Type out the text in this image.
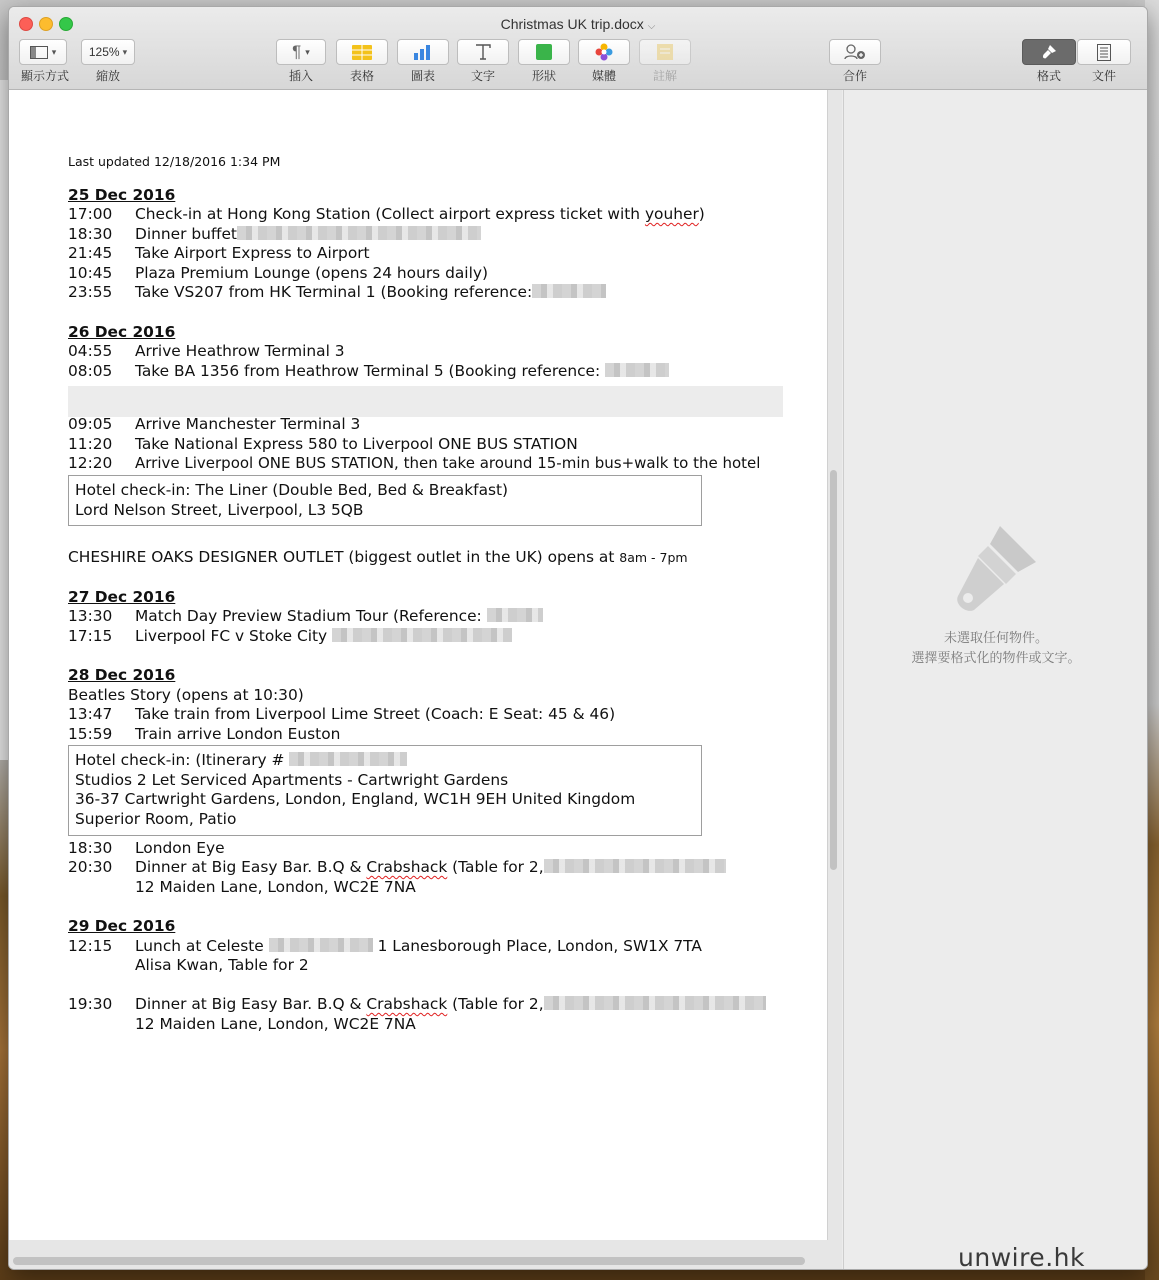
Christmas UK trip.docx ⌵
▾
顯示方式
125% ▾
縮放
¶ ▾
插入	表格	圖表	文字	形狀	媒體	註解	合作	格式	文件
Last updated 12/18/2016 1:34 PM
25 Dec 2016
17:00 Check-in at Hong Kong Station (Collect airport express ticket with youher)
18:30 Dinner buffet
21:45 Take Airport Express to Airport
10:45 Plaza Premium Lounge (opens 24 hours daily)
23:55 Take VS207 from HK Terminal 1 (Booking reference:
26 Dec 2016
04:55 Arrive Heathrow Terminal 3
08:05 Take BA 1356 from Heathrow Terminal 5 (Booking reference:
09:05 Arrive Manchester Terminal 3
11:20 Take National Express 580 to Liverpool ONE BUS STATION
12:20 Arrive Liverpool ONE BUS STATION, then take around 15-min bus+walk to the hotel
Hotel check-in: The Liner (Double Bed, Bed & Breakfast)
Lord Nelson Street, Liverpool, L3 5QB
CHESHIRE OAKS DESIGNER OUTLET (biggest outlet in the UK) opens at 8am - 7pm
27 Dec 2016
13:30 Match Day Preview Stadium Tour (Reference:
17:15 Liverpool FC v Stoke City
28 Dec 2016
Beatles Story (opens at 10:30)
13:47 Take train from Liverpool Lime Street (Coach: E Seat: 45 & 46)
15:59 Train arrive London Euston
Hotel check-in: (Itinerary #
Studios 2 Let Serviced Apartments - Cartwright Gardens
36-37 Cartwright Gardens, London, England, WC1H 9EH United Kingdom
Superior Room, Patio
18:30 London Eye
20:30 Dinner at Big Easy Bar. B.Q & Crabshack (Table for 2,
12 Maiden Lane, London, WC2E 7NA
29 Dec 2016
12:15 Lunch at Celeste	1 Lanesborough Place, London, SW1X 7TA
Alisa Kwan, Table for 2
19:30 Dinner at Big Easy Bar. B.Q & Crabshack (Table for 2,
12 Maiden Lane, London, WC2E 7NA
未選取任何物件。
選擇要格式化的物件或文字。
unwire.hk
